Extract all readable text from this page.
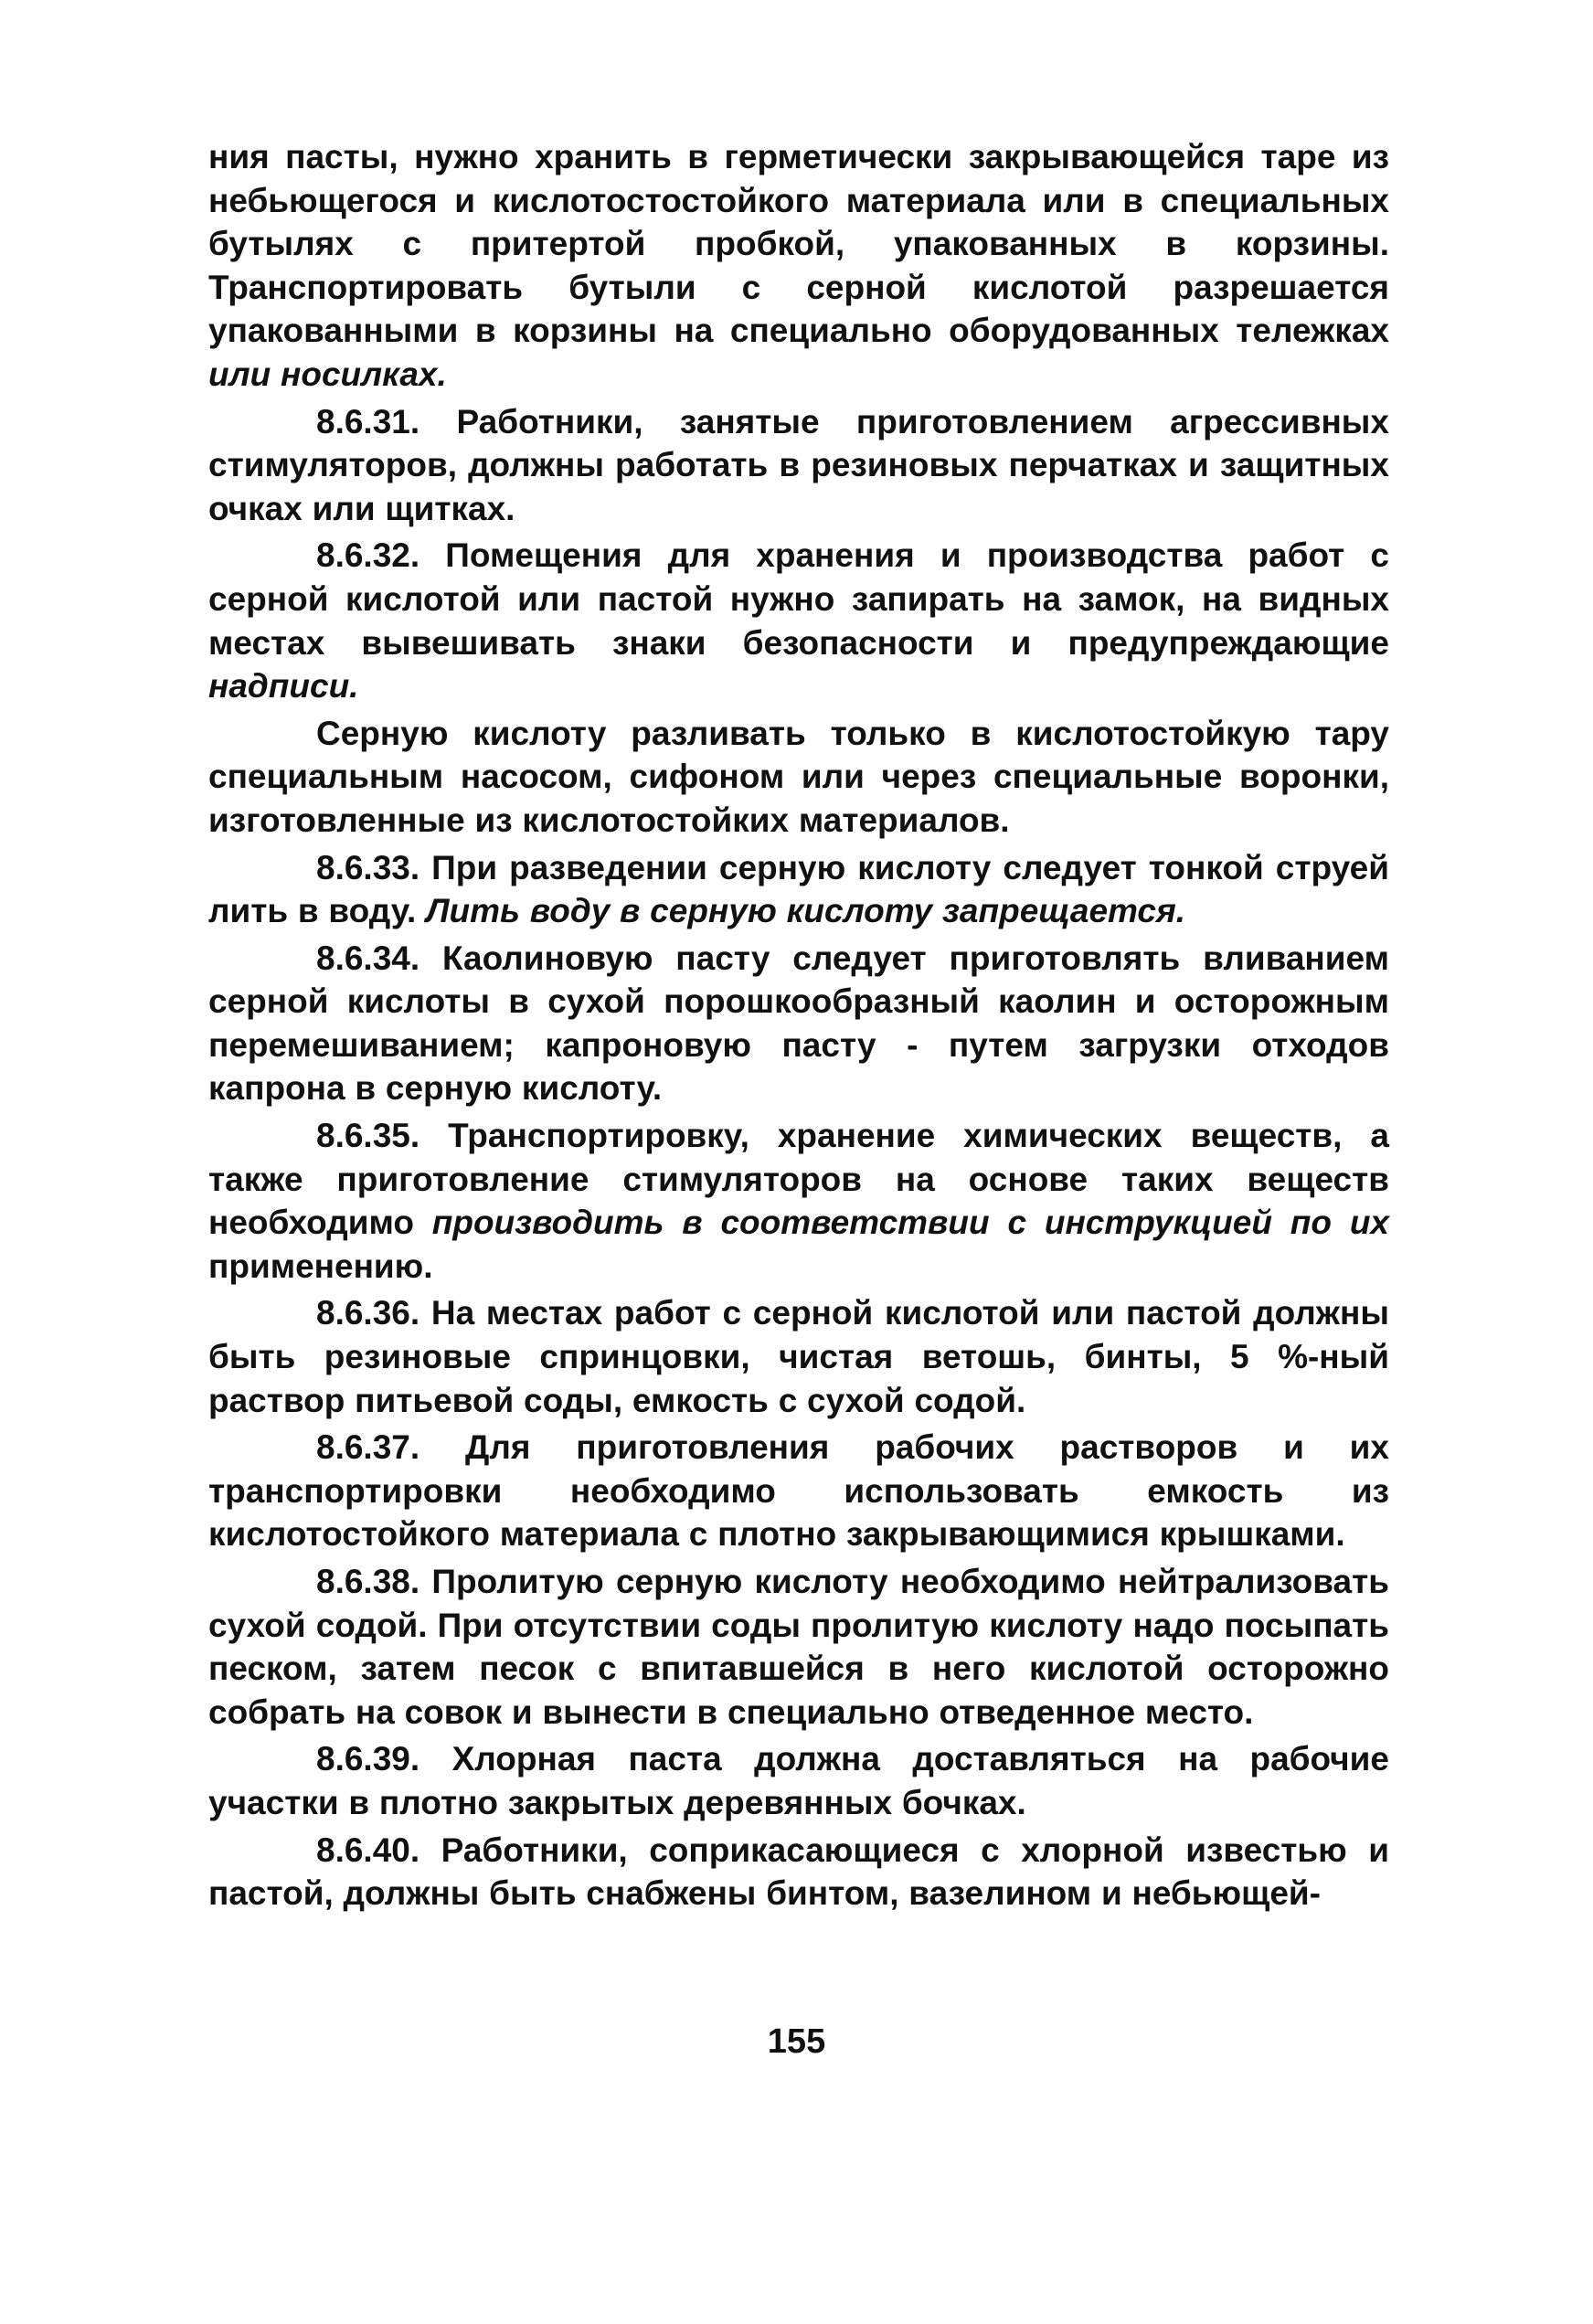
ния пасты, нужно хранить в герметически закрывающейся таре из небьющегося и кислотостостойкого материала или в специальных бутылях с притертой пробкой, упакованных в корзины. Транспортировать бутыли с серной кислотой разрешается упакованными в корзины на специально оборудованных тележках или носилках.

8.6.31. Работники, занятые приготовлением агрессивных стимуляторов, должны работать в резиновых перчатках и защитных очках или щитках.

8.6.32. Помещения для хранения и производства работ с серной кислотой или пастой нужно запирать на замок, на видных местах вывешивать знаки безопасности и предупреждающие надписи.

Серную кислоту разливать только в кислотостойкую тару специальным насосом, сифоном или через специальные воронки, изготовленные из кислотостойких материалов.

8.6.33. При разведении серную кислоту следует тонкой струей лить в воду. Лить воду в серную кислоту запрещается.

8.6.34. Каолиновую пасту следует приготовлять вливанием серной кислоты в сухой порошкообразный каолин и осторожным перемешиванием; капроновую пасту - путем загрузки отходов капрона в серную кислоту.

8.6.35. Транспортировку, хранение химических веществ, а также приготовление стимуляторов на основе таких веществ необходимо производить в соответствии с инструкцией по их применению.

8.6.36. На местах работ с серной кислотой или пастой должны быть резиновые спринцовки, чистая ветошь, бинты, 5 %-ный раствор питьевой соды, емкость с сухой содой.

8.6.37. Для приготовления рабочих растворов и их транспортировки необходимо использовать емкость из кислотостойкого материала с плотно закрывающимися крышками.

8.6.38. Пролитую серную кислоту необходимо нейтрализовать сухой содой. При отсутствии соды пролитую кислоту надо посыпать песком, затем песок с впитавшейся в него кислотой осторожно собрать на совок и вынести в специально отведенное место.

8.6.39. Хлорная паста должна доставляться на рабочие участки в плотно закрытых деревянных бочках.

8.6.40. Работники, соприкасающиеся с хлорной известью и пастой, должны быть снабжены бинтом, вазелином и небьющей-

155
